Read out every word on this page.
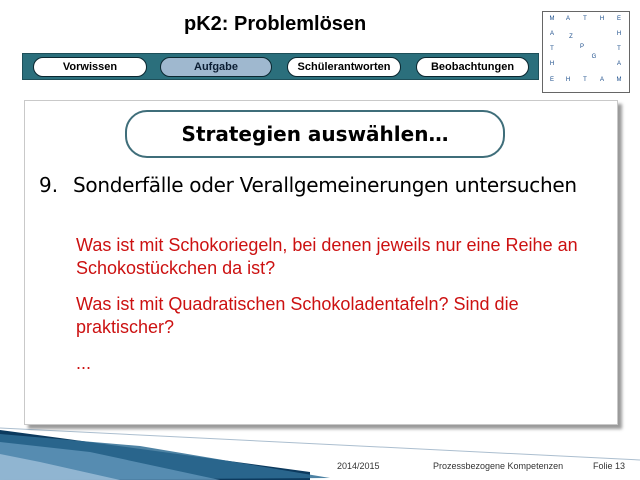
pK2: Problemlösen
Vorwissen	Aufgabe	Schülerantworten	Beobachtungen
M	A	T	H	E
A
T
H
H
T
A
E	H	T	A	M
Z
P
G
Strategien auswählen…
9. Sonderfälle oder Verallgemeinerungen untersuchen
Was ist mit Schokoriegeln, bei denen jeweils nur eine Reihe an Schokostückchen da ist?
Was ist mit Quadratischen Schokoladentafeln? Sind die praktischer?
...
2014/2015	Prozessbezogene Kompetenzen	Folie 13
